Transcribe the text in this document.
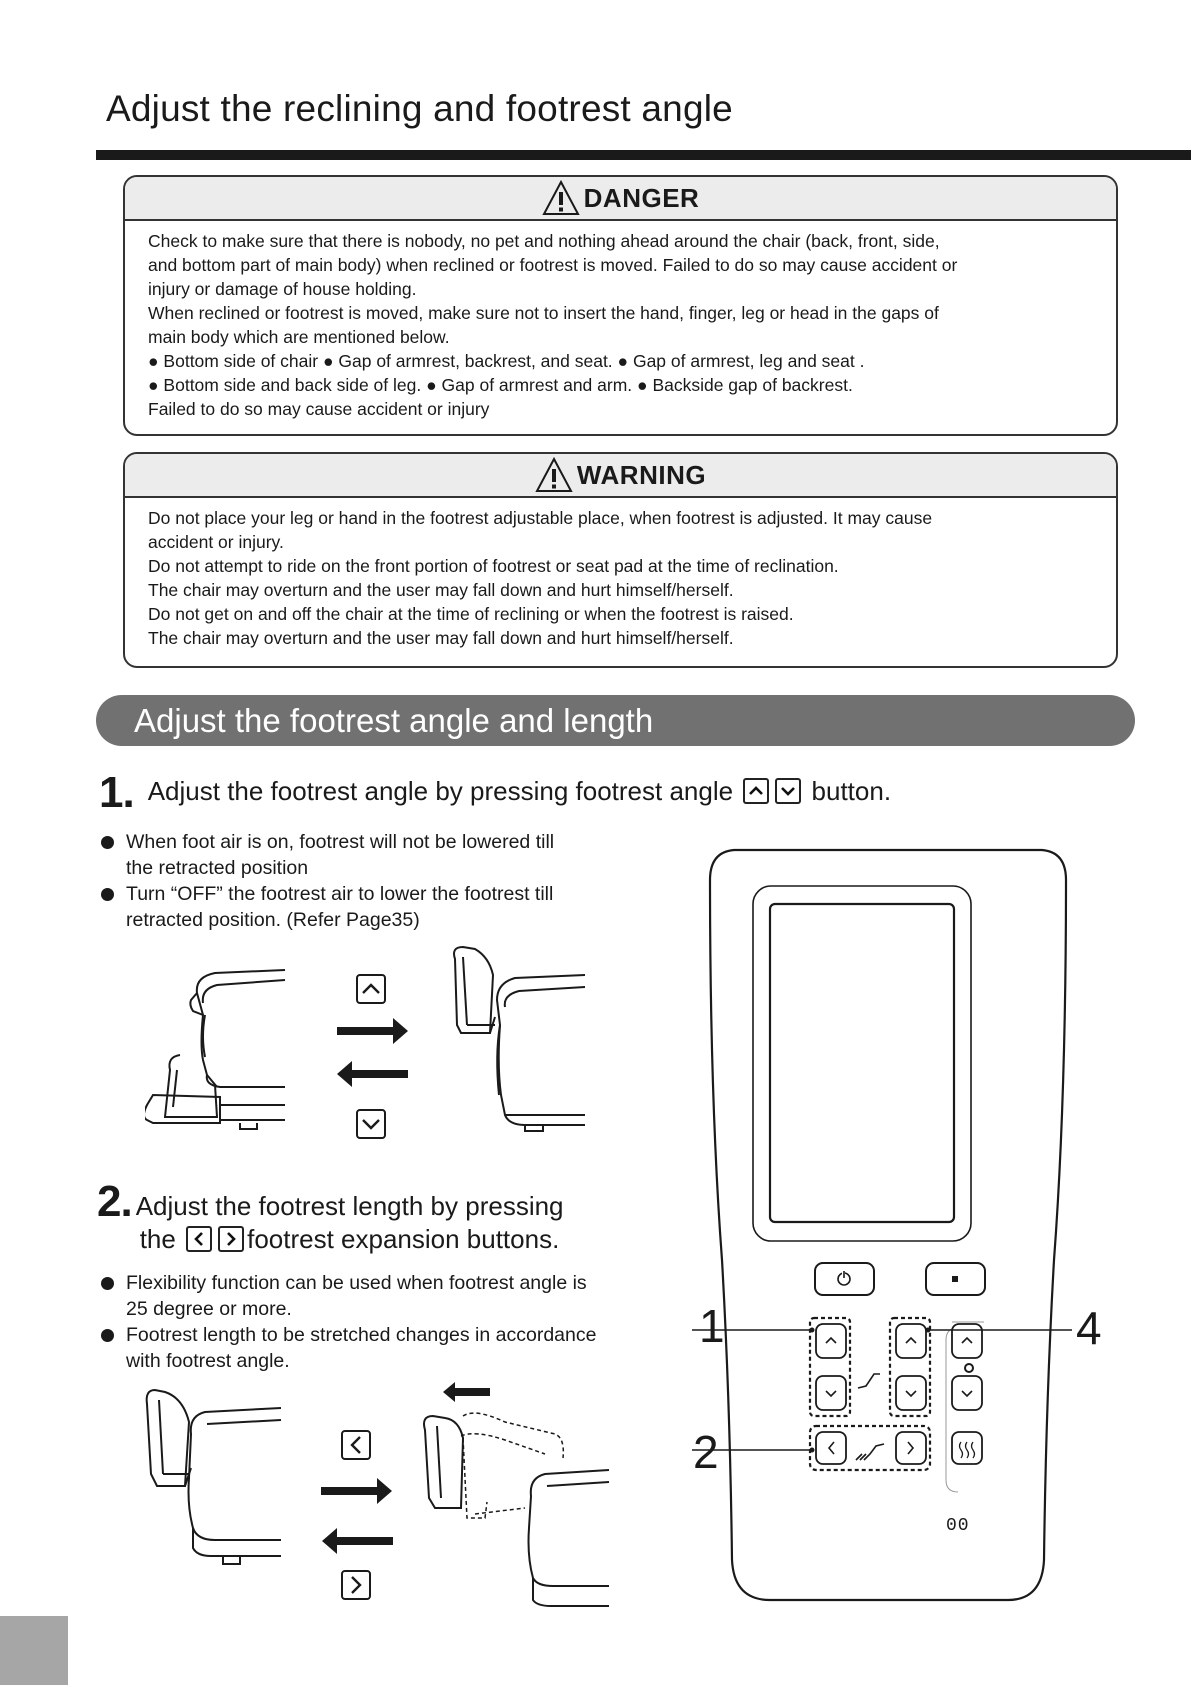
Adjust the reclining and footrest angle
DANGER

Check to make sure that there is nobody, no pet and nothing ahead around the chair (back, front, side,

and bottom part of main body) when reclined or footrest is moved. Failed to do so may cause accident or

injury or damage of house holding.

When reclined or footrest is moved, make sure not to insert the hand, finger, leg or head in the gaps of

main body which are mentioned below.

● Bottom side of chair ● Gap of armrest, backrest, and seat. ● Gap of armrest, leg and seat .

● Bottom side and back side of leg. ● Gap of armrest and arm. ● Backside gap of backrest.

Failed to do so may cause accident or injury

WARNING

Do not place your leg or hand in the footrest adjustable place, when footrest is adjusted. It may cause

accident or injury.

Do not attempt to ride on the front portion of footrest or seat pad at the time of reclination.

The chair may overturn and the user may fall down and hurt himself/herself.

Do not get on and off the chair at the time of reclining or when the footrest is raised.

The chair may overturn and the user may fall down and hurt himself/herself.

Adjust the footrest angle and length
1. Adjust the footrest angle by pressing footrest angle	button.
When foot air is on, footrest will not be lowered till
the retracted position
Turn “OFF” the footrest air to lower the footrest till
retracted position. (Refer Page35)
2. Adjust the footrest length by pressing
the	footrest expansion buttons.
Flexibility function can be used when footrest angle is
25 degree or more.
Footrest length to be stretched changes in accordance
with footrest angle.
1
2
4
00
